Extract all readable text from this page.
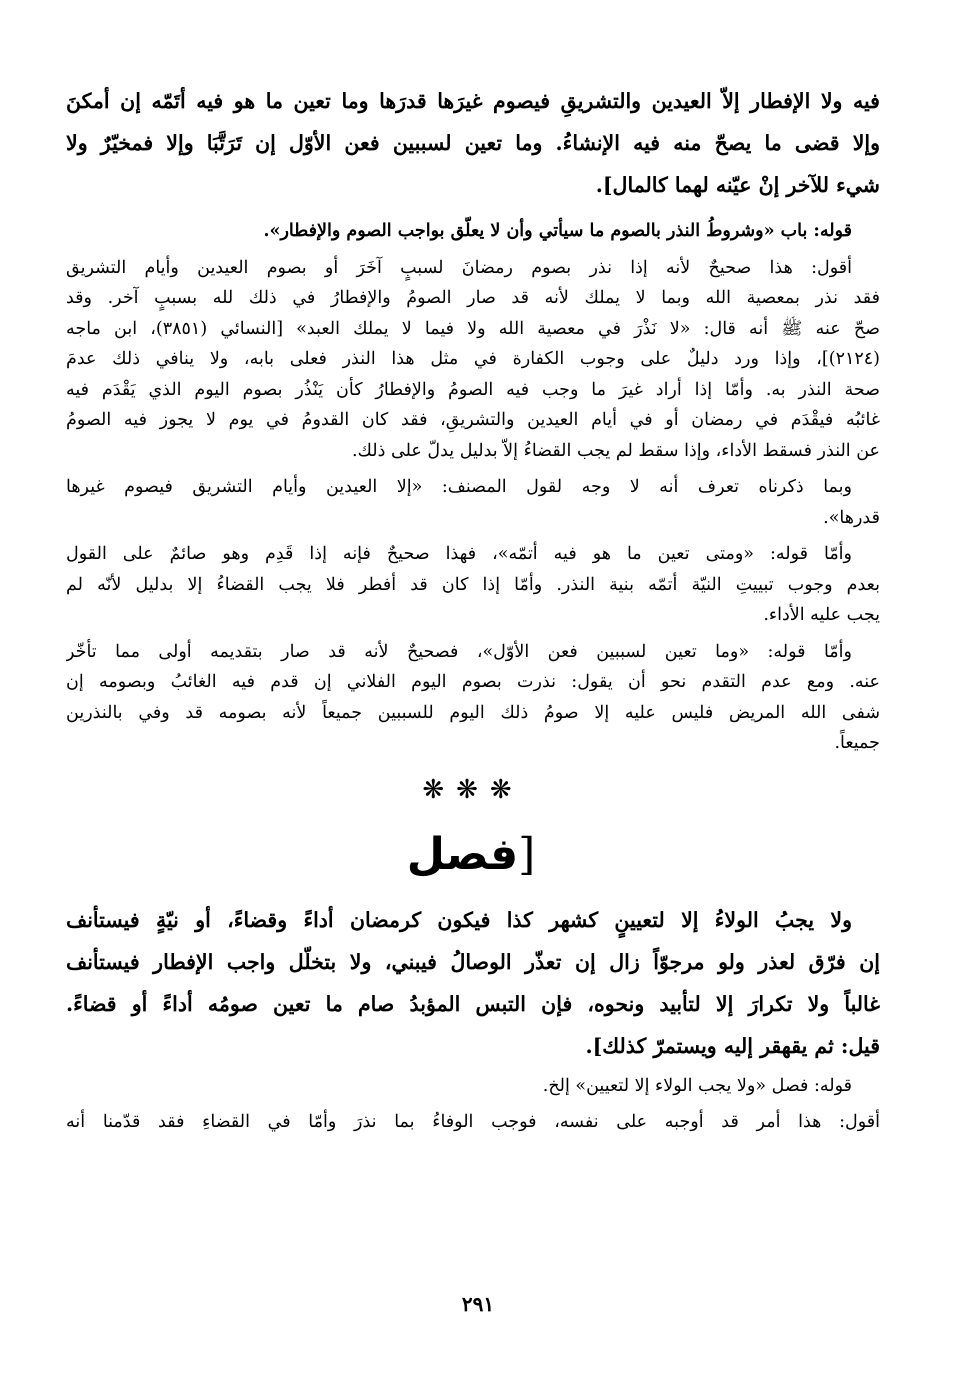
فيه ولا الإفطار إلاّ العيدين والتشريقِ فيصوم غيرَها قدرَها وما تعين ما هو فيه أتَمّه إن أمكنَ
وإلا قضى ما يصحّ منه فيه الإنشاءُ. وما تعين لسببين فعن الأوّل إن تَرَتَّبَا وإلا فمخيّرٌ ولا
شيء للآخر إنْ عيّنه لهما كالمال].
قوله: باب «وشروطُ النذر بالصوم ما سيأتي وأن لا يعلّق بواجب الصوم والإفطار».
أقول: هذا صحيحٌ لأنه إذا نذر بصوم رمضانَ لسببٍ آخَرَ أو بصوم العيدين وأيام التشريق
فقد نذر بمعصية الله وبما لا يملك لأنه قد صار الصومُ والإفطارُ في ذلك لله بسببٍ آخر. وقد
صحّ عنه ﷺ أنه قال: «لا نَذْرَ في معصية الله ولا فيما لا يملك العبد» [النسائي (٣٨٥١)، ابن ماجه
(٢١٢٤)]، وإذا ورد دليلٌ على وجوب الكفارة في مثل هذا النذر فعلى بابه، ولا ينافي ذلك عدمَ
صحة النذر به. وأمّا إذا أراد غيرَ ما وجب فيه الصومُ والإفطارُ كأن يَنْذُر بصوم اليوم الذي يَقْدَم فيه
غائبُه فيقْدَم في رمضان أو في أيام العيدين والتشريقِ، فقد كان القدومُ في يوم لا يجوز فيه الصومُ
عن النذر فسقط الأداء، وإذا سقط لم يجب القضاءُ إلاّ بدليل يدلّ على ذلك.
وبما ذكرناه تعرف أنه لا وجه لقول المصنف: «إلا العيدين وأيام التشريق فيصوم غيرها
قدرها».
وأمّا قوله: «ومتى تعين ما هو فيه أتمّه»، فهذا صحيحٌ فإنه إذا قَدِم وهو صائمٌ على القول
بعدم وجوب تبييتِ النيّة أتمّه بنية النذر. وأمّا إذا كان قد أفطر فلا يجب القضاءُ إلا بدليل لأنّه لم
يجب عليه الأداء.
وأمّا قوله: «وما تعين لسببين فعن الأوّل»، فصحيحٌ لأنه قد صار بتقديمه أولى مما تأخّر
عنه. ومع عدم التقدم نحو أن يقول: نذرت بصوم اليوم الفلاني إن قدم فيه الغائبُ وبصومه إن
شفى الله المريض فليس عليه إلا صومُ ذلك اليوم للسببين جميعاً لأنه بصومه قد وفي بالنذرين
جميعاً.
❋❋❋
[فصل
ولا يجبُ الولاءُ إلا لتعيينٍ كشهر كذا فيكون كرمضان أداءً وقضاءً، أو نيّةٍ فيستأنف
إن فرّق لعذر ولو مرجوّاً زال إن تعذّر الوصالُ فيبني، ولا بتخلّل واجب الإفطار فيستأنف
غالباً ولا تكرارَ إلا لتأبيد ونحوه، فإن التبس المؤبدُ صام ما تعين صومُه أداءً أو قضاءً.
قيل: ثم يقهقر إليه ويستمرّ كذلك].
قوله: فصل «ولا يجب الولاء إلا لتعيين» إلخ.
أقول: هذا أمر قد أوجبه على نفسه، فوجب الوفاءُ بما نذرَ وأمّا في القضاءِ فقد قدّمنا أنه
٢٩١
